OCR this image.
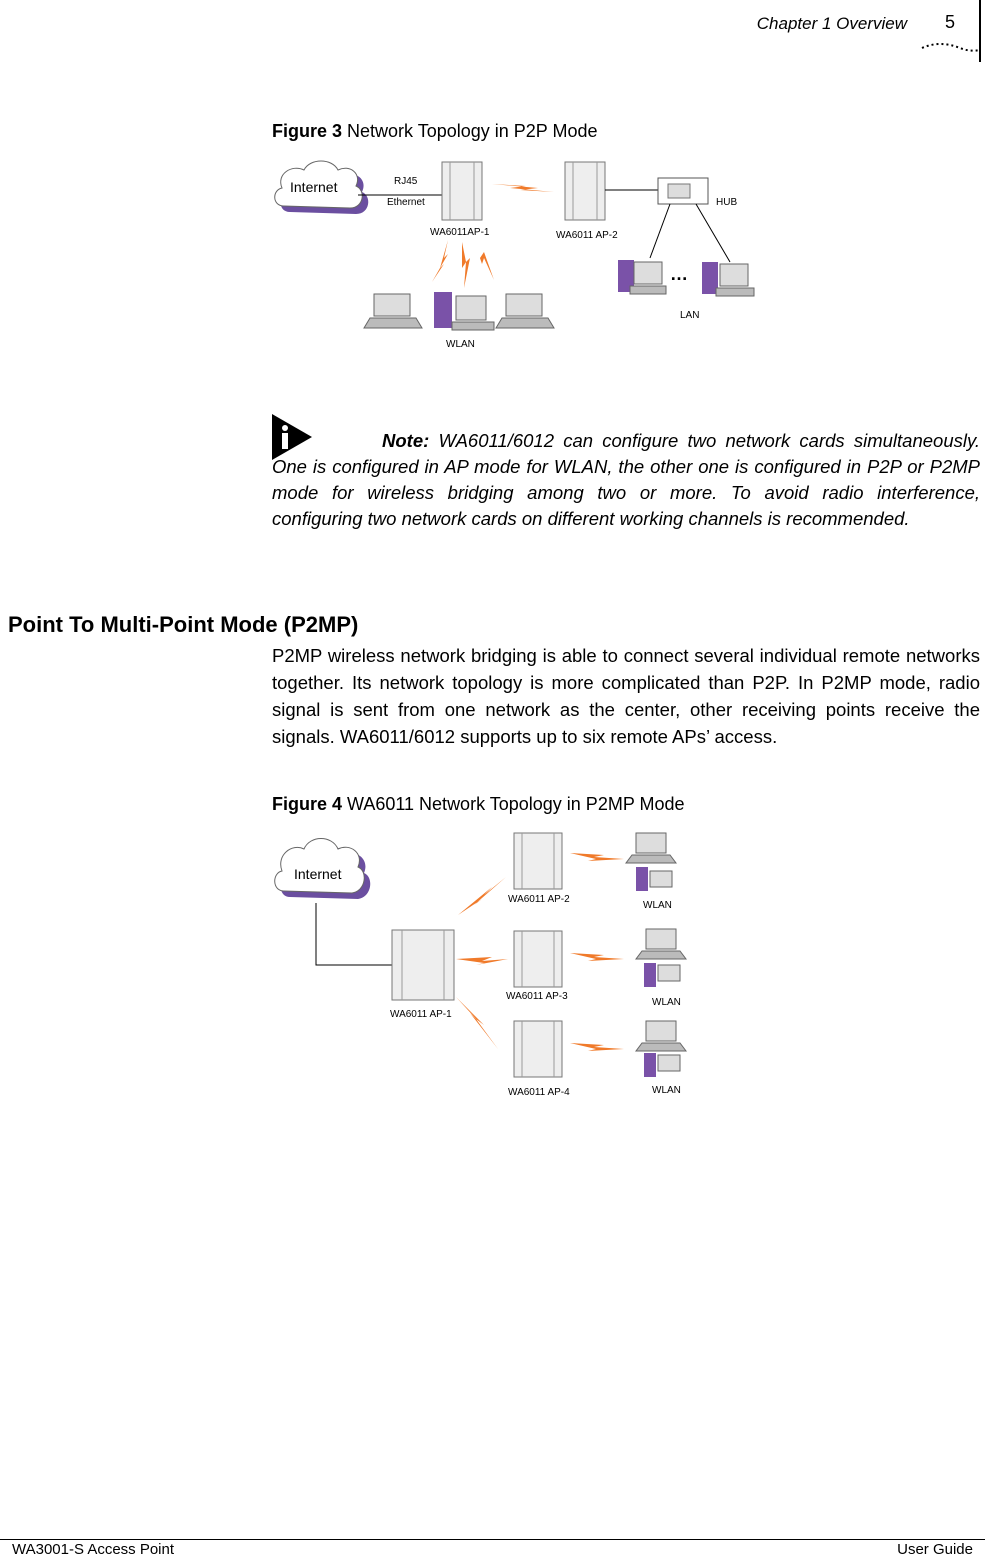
Chapter 1 Overview 5
Figure 3 Network Topology in P2P Mode
Internet	RJ45
Ethernet
WA6011AP-1	WA6011 AP-2
HUB
…
LAN
WLAN
Note: WA6011/6012 can configure two network cards simultaneously. One is configured in AP mode for WLAN, the other one is configured in P2P or P2MP mode for wireless bridging among two or more. To avoid radio interference, configuring two network cards on different working channels is recommended.
Point To Multi-Point Mode (P2MP)
P2MP wireless network bridging is able to connect several individual remote networks together. Its network topology is more complicated than P2P. In P2MP mode, radio signal is sent from one network as the center, other receiving points receive the signals. WA6011/6012 supports up to six remote APs’ access.
Figure 4 WA6011 Network Topology in P2MP Mode
Internet
WA6011 AP-1
WA6011 AP-2
WA6011 AP-3
WA6011 AP-4
WLAN
WLAN
WLAN
WA3001-S Access Point	User Guide
